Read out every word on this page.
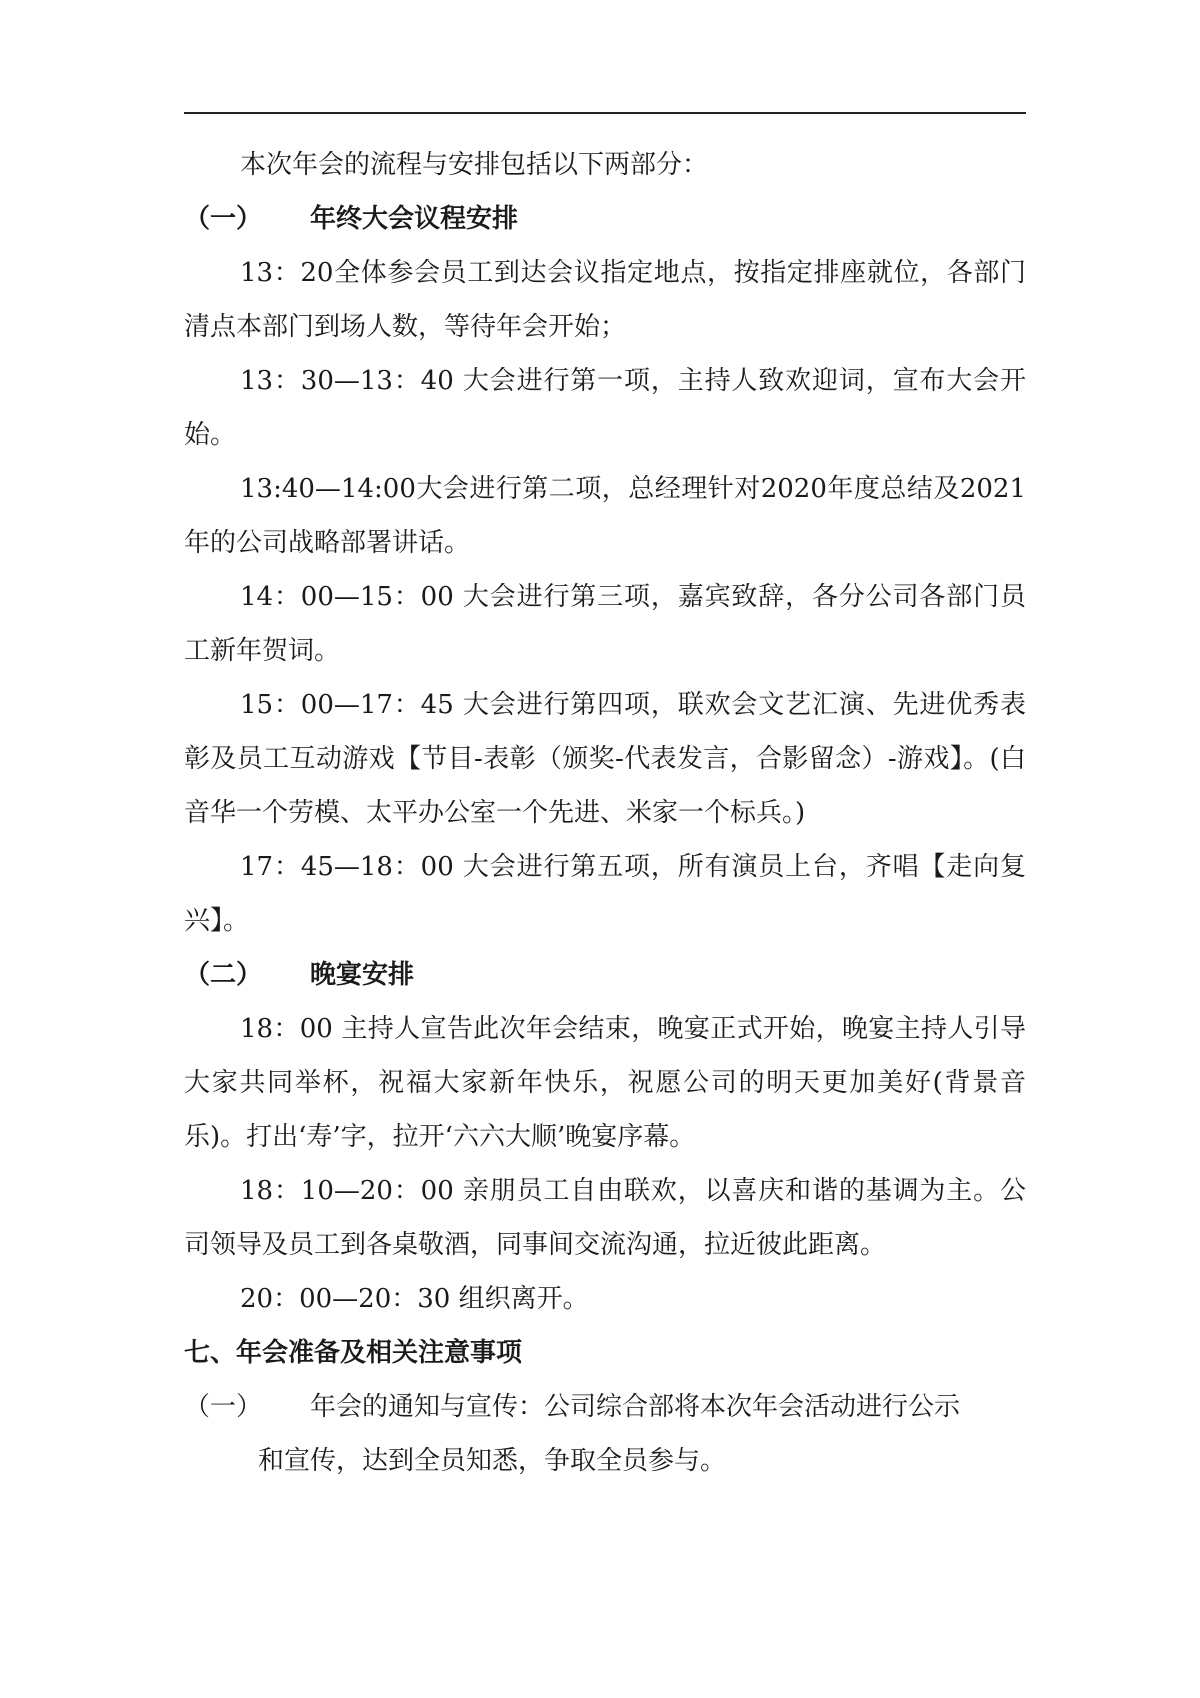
本次年会的流程与安排包括以下两部分：

（一）	年终大会议程安排

13：20全体参会员工到达会议指定地点，按指定排座就位，各部门清点本部门到场人数，等待年会开始；

13：30—13：40 大会进行第一项，主持人致欢迎词，宣布大会开始。

13:40—14:00大会进行第二项，总经理针对2020年度总结及2021年的公司战略部署讲话。

14：00—15：00 大会进行第三项，嘉宾致辞，各分公司各部门员工新年贺词。

15：00—17：45 大会进行第四项，联欢会文艺汇演、先进优秀表彰及员工互动游戏【节目-表彰（颁奖-代表发言，合影留念）-游戏】。(白音华一个劳模、太平办公室一个先进、米家一个标兵。)

17：45—18：00 大会进行第五项，所有演员上台，齐唱【走向复兴】。

（二）	晚宴安排

18：00 主持人宣告此次年会结束，晚宴正式开始，晚宴主持人引导大家共同举杯，祝福大家新年快乐，祝愿公司的明天更加美好(背景音乐)。打出‘寿’字，拉开‘六六大顺’晚宴序幕。

18：10—20：00 亲朋员工自由联欢，以喜庆和谐的基调为主。公司领导及员工到各桌敬酒，同事间交流沟通，拉近彼此距离。

20：00—20：30 组织离开。

七、年会准备及相关注意事项

（一）	年会的通知与宣传：公司综合部将本次年会活动进行公示
和宣传，达到全员知悉，争取全员参与。
